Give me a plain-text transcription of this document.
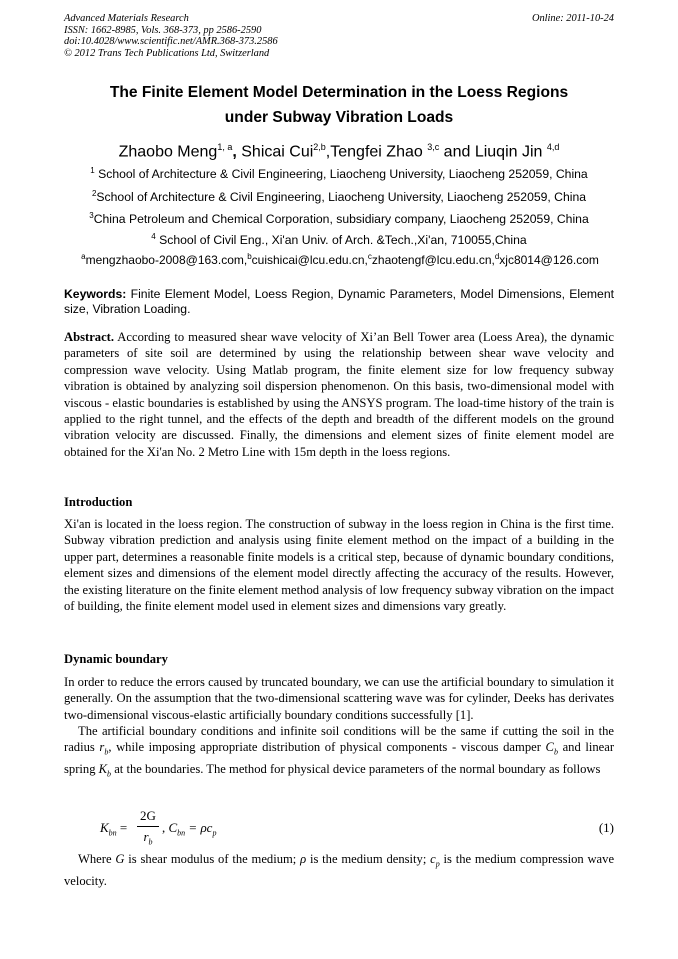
Advanced Materials Research
ISSN: 1662-8985, Vols. 368-373, pp 2586-2590
doi:10.4028/www.scientific.net/AMR.368-373.2586
© 2012 Trans Tech Publications Ltd, Switzerland
Online: 2011-10-24
The Finite Element Model Determination in the Loess Regions
under Subway Vibration Loads
Zhaobo Meng$^{1, a}$, Shicai Cui$^{2,b}$,Tengfei Zhao $^{3,c}$ and Liuqin Jin $^{4,d}$
$^1$ School of Architecture & Civil Engineering, Liaocheng University, Liaocheng 252059, China
$^2$School of Architecture & Civil Engineering, Liaocheng University, Liaocheng 252059, China
$^3$China Petroleum and Chemical Corporation, subsidiary company, Liaocheng 252059, China
$^4$ School of Civil Eng., Xi'an Univ. of Arch. &Tech.,Xi'an, 710055,China
$^a$mengzhaobo-2008@163.com,$^b$cuishicai@lcu.edu.cn,$^c$zhaotengf@lcu.edu.cn,$^d$xjc8014@126.com
Keywords: Finite Element Model, Loess Region, Dynamic Parameters, Model Dimensions, Element size, Vibration Loading.
Abstract. According to measured shear wave velocity of Xi’an Bell Tower area (Loess Area), the dynamic parameters of site soil are determined by using the relationship between shear wave velocity and compression wave velocity. Using Matlab program, the finite element size for low frequency subway vibration is obtained by analyzing soil dispersion phenomenon. On this basis, two-dimensional model with viscous - elastic boundaries is established by using the ANSYS program. The load-time history of the train is applied to the right tunnel, and the effects of the depth and breadth of the different models on the ground vibration velocity are discussed. Finally, the dimensions and element sizes of finite element model are obtained for the Xi'an No. 2 Metro Line with 15m depth in the loess regions.
Introduction
Xi'an is located in the loess region. The construction of subway in the loess region in China is the first time. Subway vibration prediction and analysis using finite element method on the impact of a building in the upper part, determines a reasonable finite models is a critical step, because of dynamic boundary conditions, element sizes and dimensions of the element model directly affecting the accuracy of the results. However, the existing literature on the finite element method analysis of low frequency subway vibration on the impact of building, the finite element model used in element sizes and dimensions vary greatly.
Dynamic boundary
In order to reduce the errors caused by truncated boundary, we can use the artificial boundary to simulation it generally. On the assumption that the two-dimensional scattering wave was for cylinder, Deeks has derivates two-dimensional viscous-elastic artificially boundary conditions successfully [1].
The artificial boundary conditions and infinite soil conditions will be the same if cutting the soil in the radius $r_b$, while imposing appropriate distribution of physical components - viscous damper $C_b$ and linear spring $K_b$ at the boundaries. The method for physical device parameters of the normal boundary as follows
$K_{bn}$ =
2G
$r_b$
, $C_{bn} = \rho c_p$	(1)
Where G is shear modulus of the medium; ρ is the medium density; $c_p$ is the medium compression wave velocity.
